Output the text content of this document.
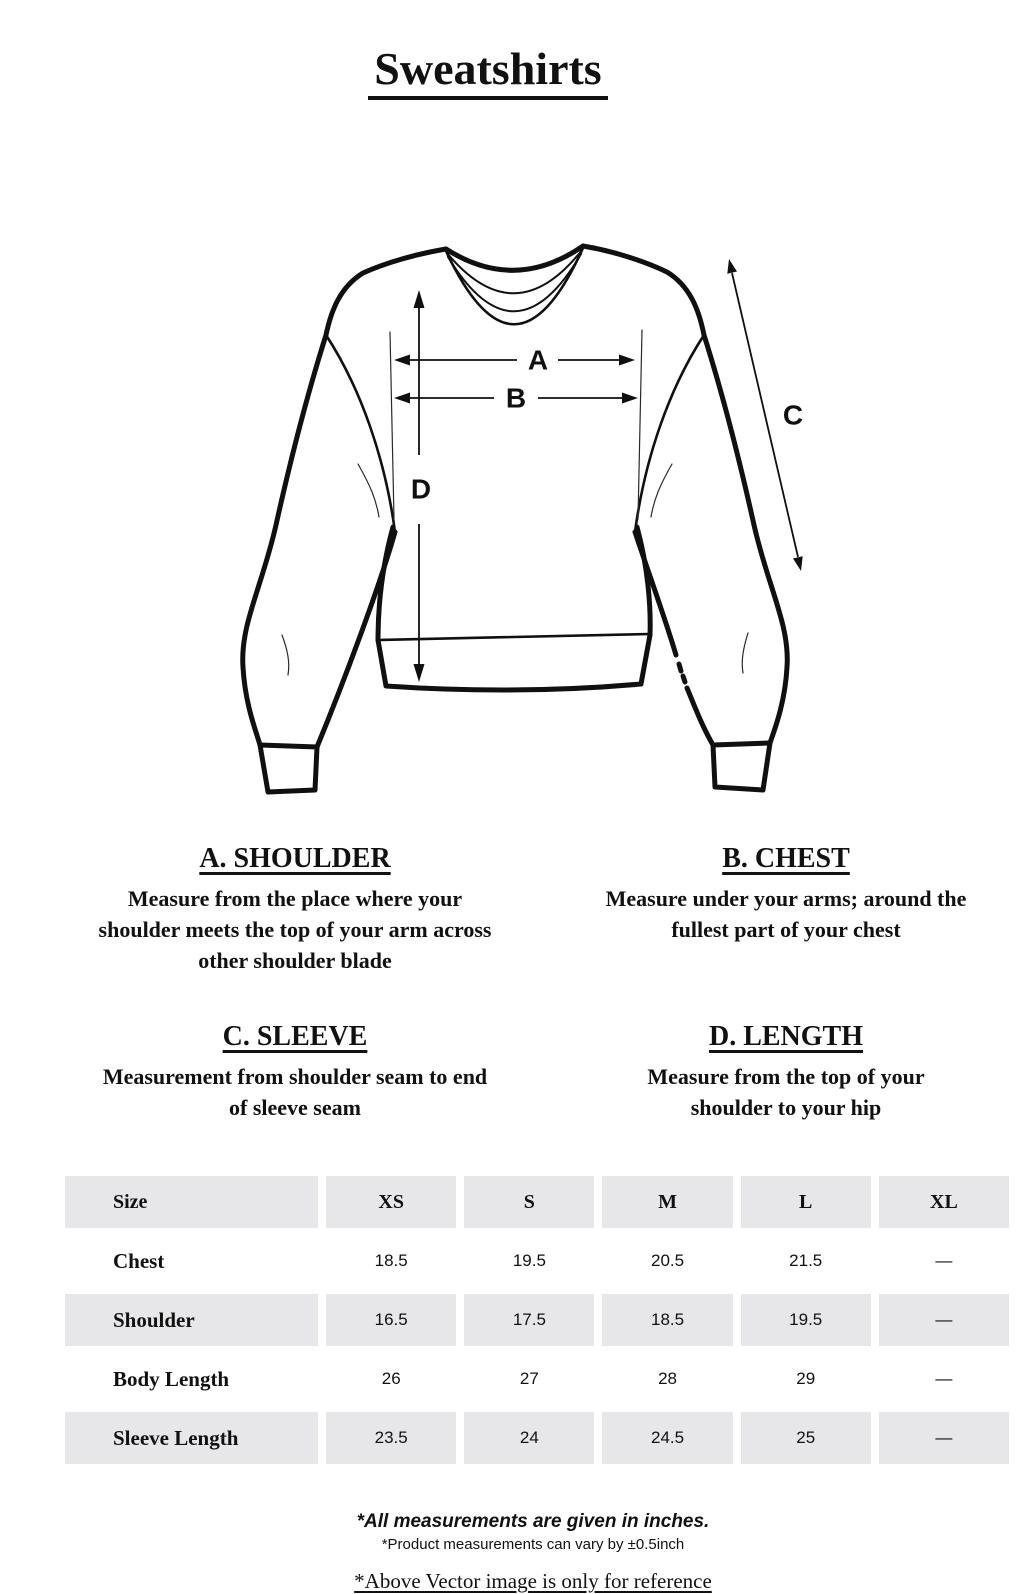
Sweatshirts
A
B
C
D
A. SHOULDER
Measure from the place where your shoulder meets the top of your arm across other shoulder blade
B. CHEST
Measure under your arms; around the fullest part of your chest
C. SLEEVE
Measurement from shoulder seam to end of sleeve seam
D. LENGTH
Measure from the top of your shoulder to your hip
Size	XS	S	M	L	XL
Chest	18.5	19.5	20.5	21.5	—
Shoulder	16.5	17.5	18.5	19.5	—
Body Length	26	27	28	29	—
Sleeve Length	23.5	24	24.5	25	—
*All measurements are given in inches.
*Product measurements can vary by ±0.5inch
*Above Vector image is only for reference
